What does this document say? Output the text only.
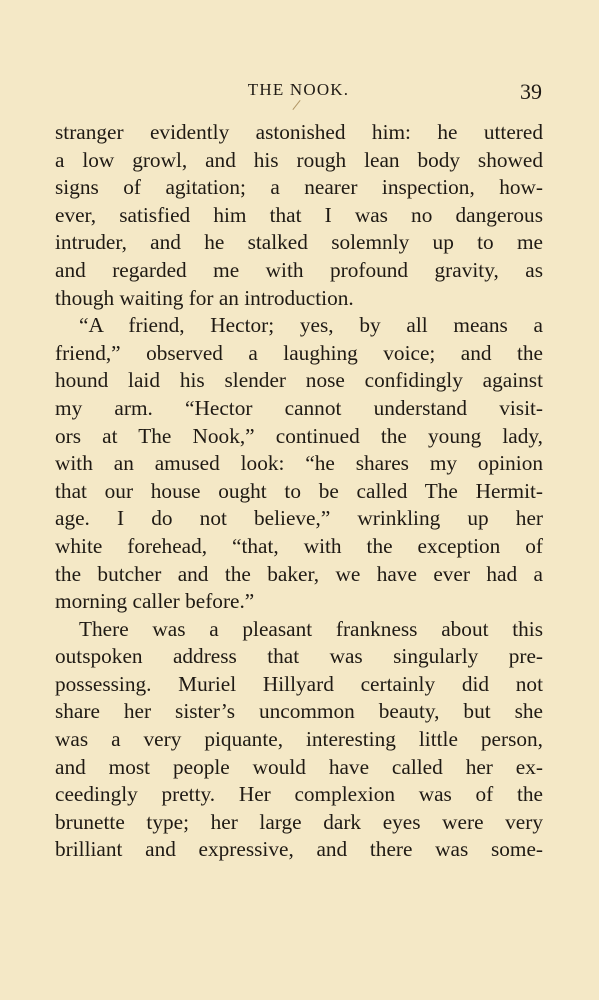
THE NOOK.	39
stranger evidently astonished him: he uttered
a low growl, and his rough lean body showed
signs of agitation; a nearer inspection, how-
ever, satisfied him that I was no dangerous
intruder, and he stalked solemnly up to me
and regarded me with profound gravity, as
though waiting for an introduction.
“A friend, Hector; yes, by all means a
friend,” observed a laughing voice; and the
hound laid his slender nose confidingly against
my arm. “Hector cannot understand visit-
ors at The Nook,” continued the young lady,
with an amused look: “he shares my opinion
that our house ought to be called The Hermit-
age. I do not believe,” wrinkling up her
white forehead, “that, with the exception of
the butcher and the baker, we have ever had a
morning caller before.”
There was a pleasant frankness about this
outspoken address that was singularly pre-
possessing. Muriel Hillyard certainly did not
share her sister’s uncommon beauty, but she
was a very piquante, interesting little person,
and most people would have called her ex-
ceedingly pretty. Her complexion was of the
brunette type; her large dark eyes were very
brilliant and expressive, and there was some-
